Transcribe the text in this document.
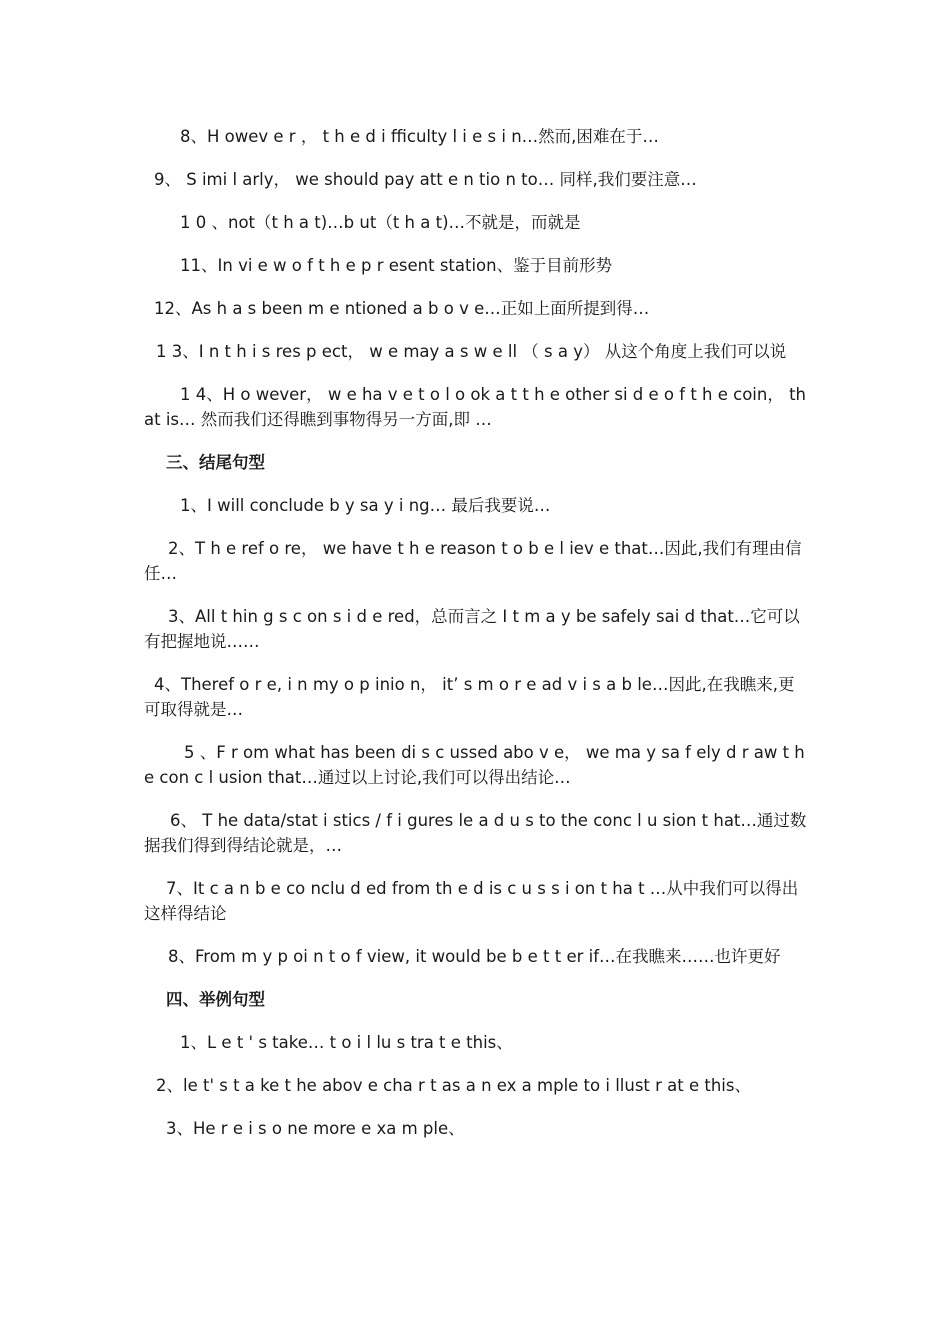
8、H owev e r ， t h e d i fficulty l i e s i n…然而,困难在于…

9、 S imi l arly， we should pay att e n tio n to… 同样,我们要注意…

1 0 、not（t h a t)…b ut（t h a t)…不就是，而就是

11、In vi e w o f t h e p r esent station、鉴于目前形势

12、As h a s been m e ntioned a b o v e…正如上面所提到得…

1 3、I n t h i s res p ect， w e may a s w e ll （ s a y） 从这个角度上我们可以说

1 4、H o wever， w e ha v e t o l o ok a t t h e other si d e o f t h e coin， that is… 然而我们还得瞧到事物得另一方面,即 …

三、结尾句型

1、I will conclude b y sa y i ng… 最后我要说…

2、T h e ref o re， we have t h e reason t o b e l iev e that…因此,我们有理由信任…

3、All t hin g s c on s i d e red，总而言之 I t m a y be safely sai d that…它可以有把握地说……

4、Theref o r e, i n my o p inio n， it’ s m o r e ad v i s a b le…因此,在我瞧来,更可取得就是…

5 、F r om what has been di s c ussed abo v e， we ma y sa f ely d r aw t h e con c l usion that…通过以上讨论,我们可以得出结论…

6、 T he data/stat i stics / f i gures le a d u s to the conc l u sion t hat…通过数据我们得到得结论就是，…

7、It c a n b e co nclu d ed from th e d is c u s s i on t ha t …从中我们可以得出这样得结论

8、From m y p oi n t o f view, it would be b e t t er if…在我瞧来……也许更好

四、举例句型

1、L e t ' s take… t o i l lu s tra t e this、

2、le t' s t a ke t he abov e cha r t as a n ex a mple to i llust r at e this、

3、He r e i s o ne more e xa m ple、
